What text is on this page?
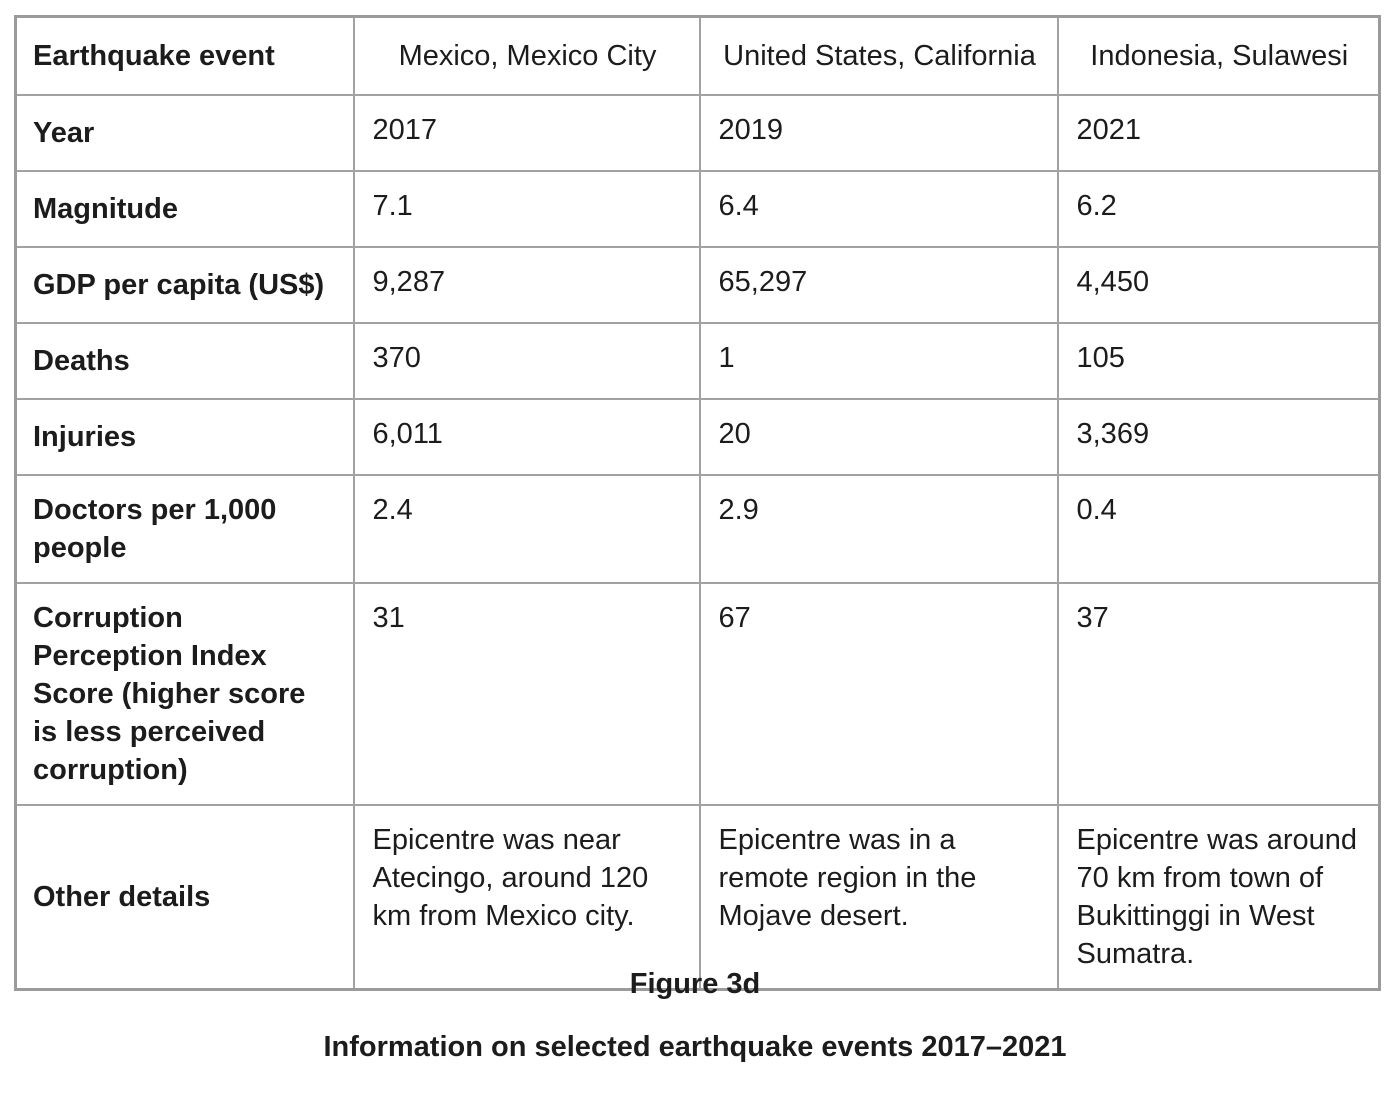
Earthquake event	Mexico, Mexico City	United States, California	Indonesia, Sulawesi
Year	2017	2019	2021
Magnitude	7.1	6.4	6.2
GDP per capita (US$)	9,287	65,297	4,450
Deaths	370	1	105
Injuries	6,011	20	3,369
Doctors per 1,000 people	2.4	2.9	0.4
Corruption Perception Index Score (higher score is less perceived corruption)	31	67	37
Other details	Epicentre was near Atecingo, around 120 km from Mexico city.	Epicentre was in a remote region in the Mojave desert.	Epicentre was around 70 km from town of Bukittinggi in West Sumatra.

Figure 3d

Information on selected earthquake events 2017–2021
